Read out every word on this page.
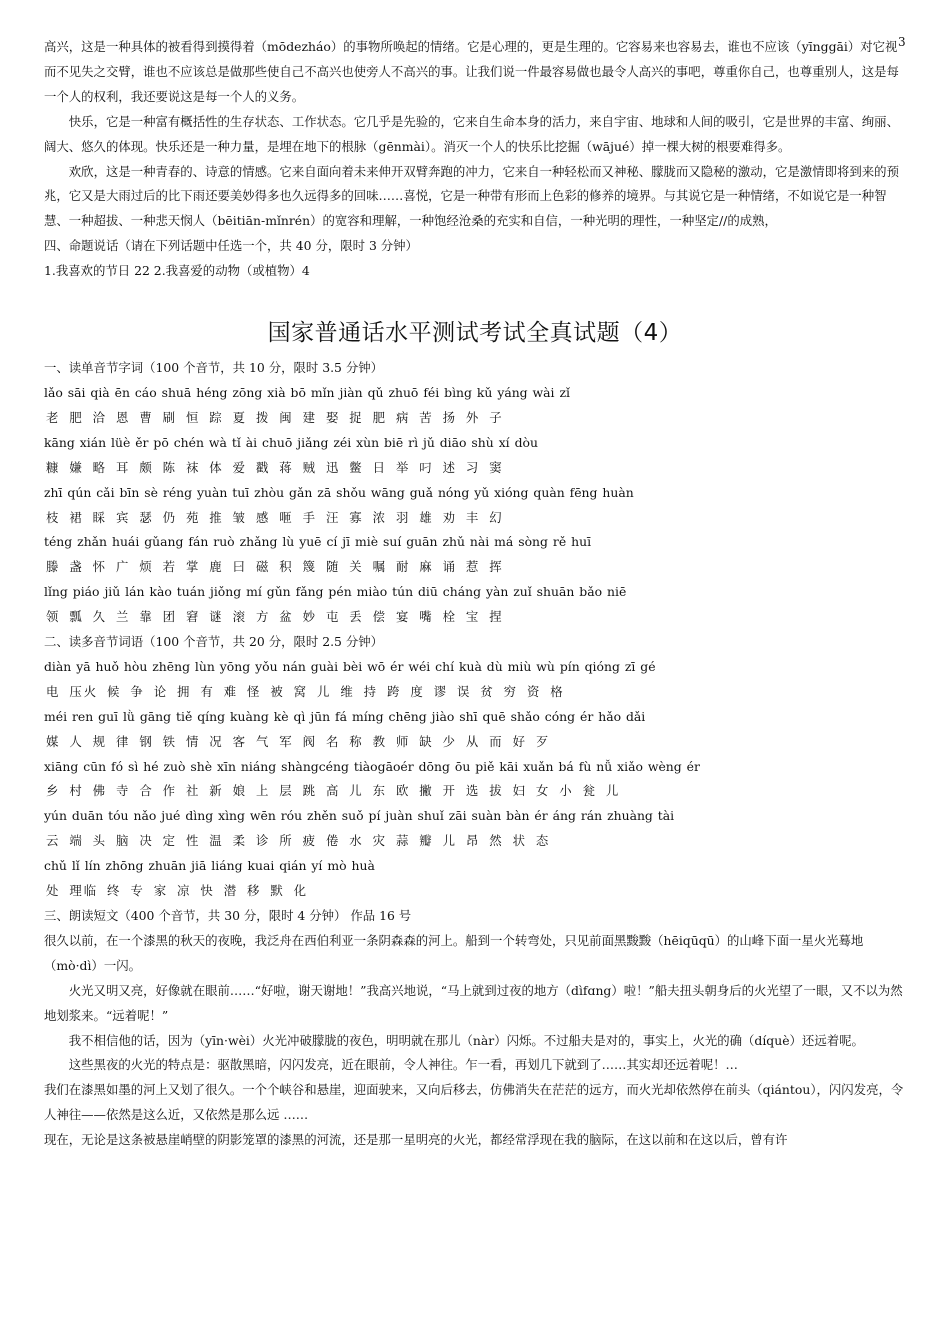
3

高兴，这是一种具体的被看得到摸得着（mōdezháo）的事物所唤起的情绪。它是心理的，更是生理的。它容易来也容易去，谁也不应该（yīnggāi）对它视而不见失之交臂，谁也不应该总是做那些使自己不高兴也使旁人不高兴的事。让我们说一件最容易做也最令人高兴的事吧，尊重你自己，也尊重别人，这是每一个人的权利，我还要说这是每一个人的义务。

快乐，它是一种富有概括性的生存状态、工作状态。它几乎是先验的，它来自生命本身的活力，来自宇宙、地球和人间的吸引，它是世界的丰富、绚丽、阔大、悠久的体现。快乐还是一种力量，是埋在地下的根脉（gēnmài）。消灭一个人的快乐比挖掘（wājué）掉一棵大树的根要难得多。

欢欣，这是一种青春的、诗意的情感。它来自面向着未来伸开双臂奔跑的冲力，它来自一种轻松而又神秘、朦胧而又隐秘的激动，它是激情即将到来的预兆，它又是大雨过后的比下雨还要美妙得多也久远得多的回味……喜悦，它是一种带有形而上色彩的修养的境界。与其说它是一种情绪，不如说它是一种智慧、一种超拔、一种悲天悯人（bēitiān-mǐnrén）的宽容和理解，一种饱经沧桑的充实和自信，一种光明的理性，一种坚定//的成熟，

四、命题说话（请在下列话题中任选一个，共 40 分，限时 3 分钟）

1.我喜欢的节日 22 2.我喜爱的动物（或植物）4

国家普通话水平测试考试全真试题（4）

一、读单音节字词（100 个音节，共 10 分，限时 3.5 分钟）

lǎo sāi qià ēn cáo shuā héng zōng xià bō mǐn jiàn qǔ zhuō féi bìng kǔ yáng wài zǐ

老 肥 洽 恩 曹 刷 恒 踪 夏 拨 闽 建 娶 捉 肥 病 苦 扬 外 子

kāng xián lüè ěr pō chén wà tǐ ài chuō jiǎng zéi xùn biē rì jǔ diāo shù xí dòu

糠 嫌 略 耳 颇 陈 袜 体 爱 戳 蒋 贼 迅 鳖 日 举 叼 述 习 窦

zhī qún cǎi bīn sè réng yuàn tuī zhòu gǎn zā shǒu wāng guǎ nóng yǔ xióng quàn fēng huàn

枝 裙 睬 宾 瑟 仍 苑 推 皱 感 咂 手 汪 寡 浓 羽 雄 劝 丰 幻

téng zhǎn huái gǔang fán ruò zhǎng lù yuē cí jī miè suí guān zhǔ nài má sòng rě huī

滕 盏 怀 广 烦 若 掌 鹿 曰 磁 积 篾 随 关 嘱 耐 麻 诵 惹 挥

lǐng piáo jiǔ lán kào tuán jiǒng mí gǔn fǎng pén miào tún diū cháng yàn zuǐ shuān bǎo niē

领 瓢 久 兰 靠 团 窘 谜 滚 方 盆 妙 屯 丢 偿 宴 嘴 栓 宝 捏

二、读多音节词语（100 个音节，共 20 分，限时 2.5 分钟）

diàn yā huǒ hòu zhēng lùn yōng yǒu nán guài bèi wō ér wéi chí kuà dù miù wù pín qióng zī gé

电 压火 候 争 论 拥 有 难 怪 被 窝 儿 维 持 跨 度 谬 误 贫 穷 资 格

méi ren guī lǜ gāng tiě qíng kuàng kè qì jūn fá míng chēng jiào shī quē shǎo cóng ér hǎo dǎi

媒 人 规 律 钢 铁 情 况 客 气 军 阀 名 称 教 师 缺 少 从 而 好 歹

xiāng cūn fó sì hé zuò shè xīn niáng shàngcéng tiàogāoér dōng ōu piě kāi xuǎn bá fù nǚ xiǎo wèng ér

乡 村 佛 寺 合 作 社 新 娘 上 层 跳 高 儿 东 欧 撇 开 选 拔 妇 女 小 瓮 儿

yún duān tóu nǎo jué dìng xìng wēn róu zhěn suǒ pí juàn shuǐ zāi suàn bàn ér áng rán zhuàng tài

云 端 头 脑 决 定 性 温 柔 诊 所 疲 倦 水 灾 蒜 瓣 儿 昂 然 状 态

chǔ lǐ lín zhōng zhuān jiā liáng kuai qián yí mò huà

处 理临 终 专 家 凉 快 潜 移 默 化

三、朗读短文（400 个音节，共 30 分，限时 4 分钟） 作品 16 号

很久以前，在一个漆黑的秋天的夜晚，我泛舟在西伯利亚一条阴森森的河上。船到一个转弯处，只见前面黑黢黢（hēiqūqū）的山峰下面一星火光蓦地（mò·dì）一闪。

火光又明又亮，好像就在眼前……“好啦，谢天谢地！”我高兴地说，“马上就到过夜的地方（dìfɑng）啦！”船夫扭头朝身后的火光望了一眼，又不以为然地划浆来。“远着呢！”

我不相信他的话，因为（yīn·wèi）火光冲破朦胧的夜色，明明就在那儿（nàr）闪烁。不过船夫是对的，事实上，火光的确（díquè）还远着呢。

这些黑夜的火光的特点是：驱散黑暗，闪闪发亮，近在眼前，令人神往。乍一看，再划几下就到了……其实却还远着呢！…

我们在漆黑如墨的河上又划了很久。一个个峡谷和悬崖，迎面驶来，又向后移去，仿佛消失在茫茫的远方，而火光却依然停在前头（qiántou），闪闪发亮，令人神往——依然是这么近，又依然是那么远 ……

现在，无论是这条被悬崖峭壁的阴影笼罩的漆黑的河流，还是那一星明亮的火光，都经常浮现在我的脑际，在这以前和在这以后，曾有许
